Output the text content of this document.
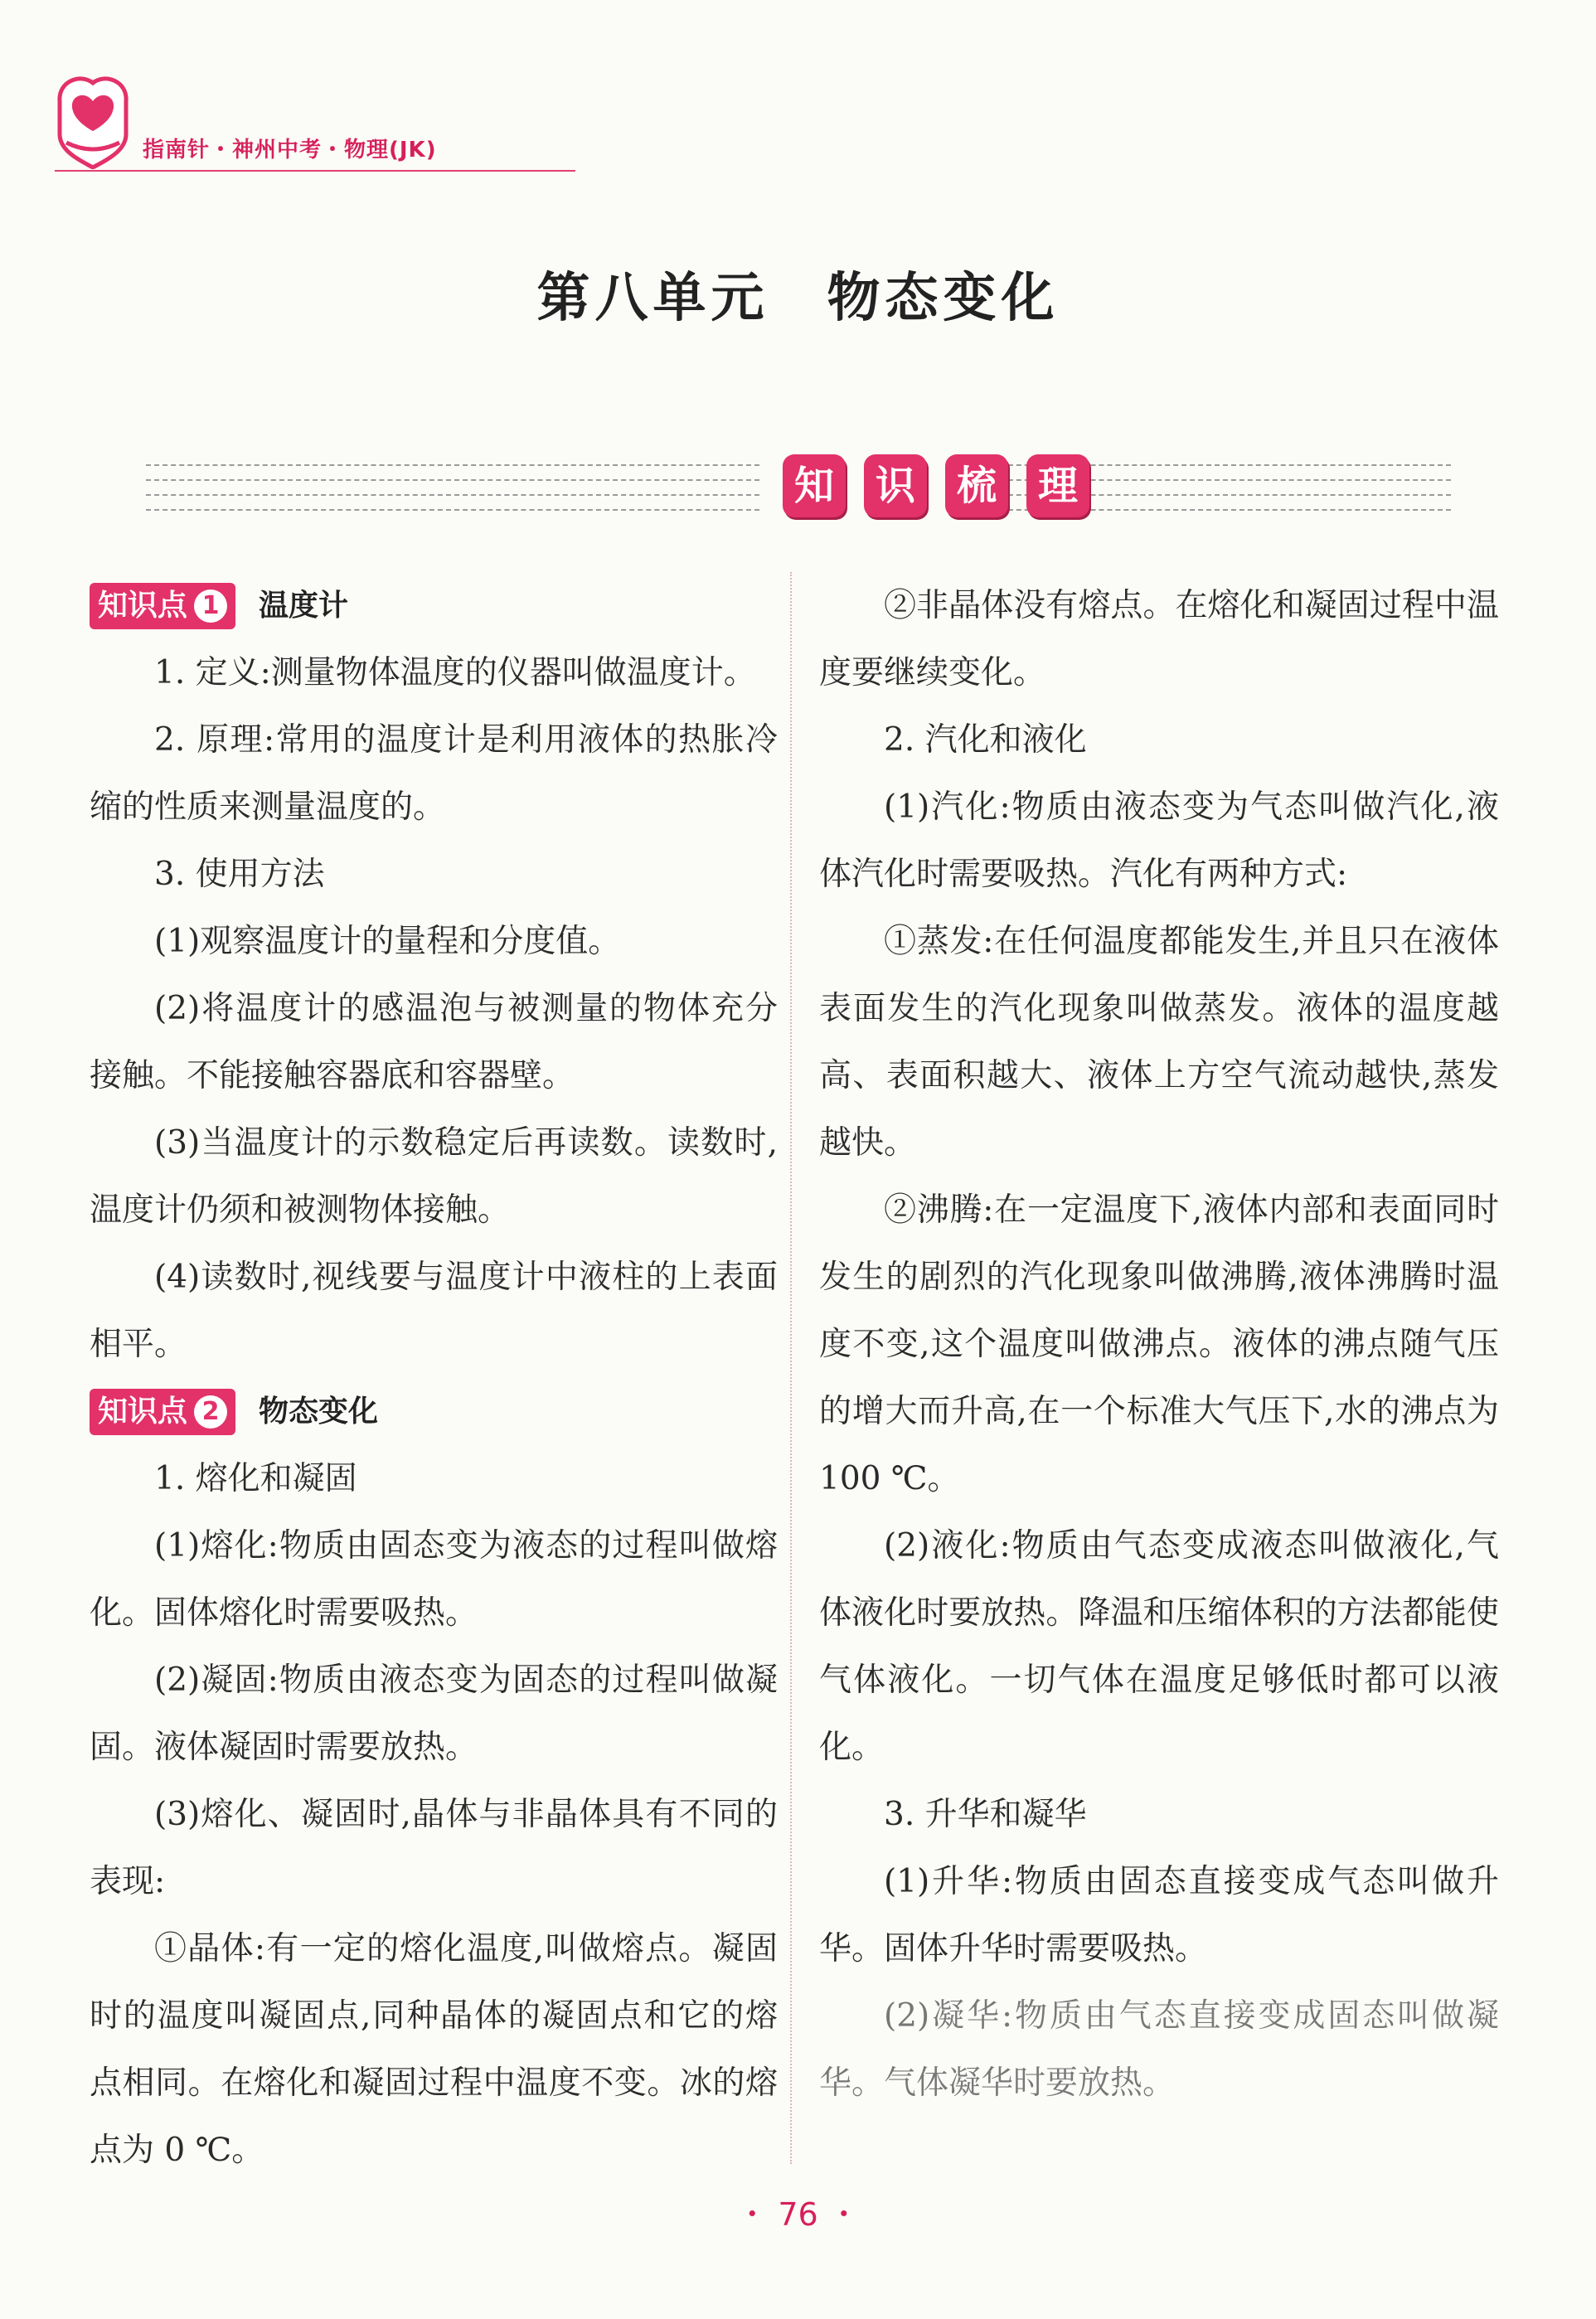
指南针・神州中考・物理(JK)
第八单元 物态变化
知 识 梳 理
知识点 1 温度计

1. 定义:测量物体温度的仪器叫做温度计。

2. 原理:常用的温度计是利用液体的热胀冷缩的性质来测量温度的。

3. 使用方法

(1)观察温度计的量程和分度值。

(2)将温度计的感温泡与被测量的物体充分接触。不能接触容器底和容器壁。

(3)当温度计的示数稳定后再读数。读数时,温度计仍须和被测物体接触。

(4)读数时,视线要与温度计中液柱的上表面相平。

知识点 2 物态变化

1. 熔化和凝固

(1)熔化:物质由固态变为液态的过程叫做熔化。固体熔化时需要吸热。

(2)凝固:物质由液态变为固态的过程叫做凝固。液体凝固时需要放热。

(3)熔化、凝固时,晶体与非晶体具有不同的表现:

①晶体:有一定的熔化温度,叫做熔点。凝固时的温度叫凝固点,同种晶体的凝固点和它的熔点相同。在熔化和凝固过程中温度不变。冰的熔点为 0 ℃。

②非晶体没有熔点。在熔化和凝固过程中温度要继续变化。

2. 汽化和液化

(1)汽化:物质由液态变为气态叫做汽化,液体汽化时需要吸热。汽化有两种方式:

①蒸发:在任何温度都能发生,并且只在液体表面发生的汽化现象叫做蒸发。液体的温度越高、表面积越大、液体上方空气流动越快,蒸发越快。

②沸腾:在一定温度下,液体内部和表面同时发生的剧烈的汽化现象叫做沸腾,液体沸腾时温度不变,这个温度叫做沸点。液体的沸点随气压的增大而升高,在一个标准大气压下,水的沸点为 100 ℃。

(2)液化:物质由气态变成液态叫做液化,气体液化时要放热。降温和压缩体积的方法都能使气体液化。一切气体在温度足够低时都可以液化。

3. 升华和凝华

(1)升华:物质由固态直接变成气态叫做升华。固体升华时需要吸热。

(2)凝华:物质由气态直接变成固态叫做凝华。气体凝华时要放热。

・ 76 ・
